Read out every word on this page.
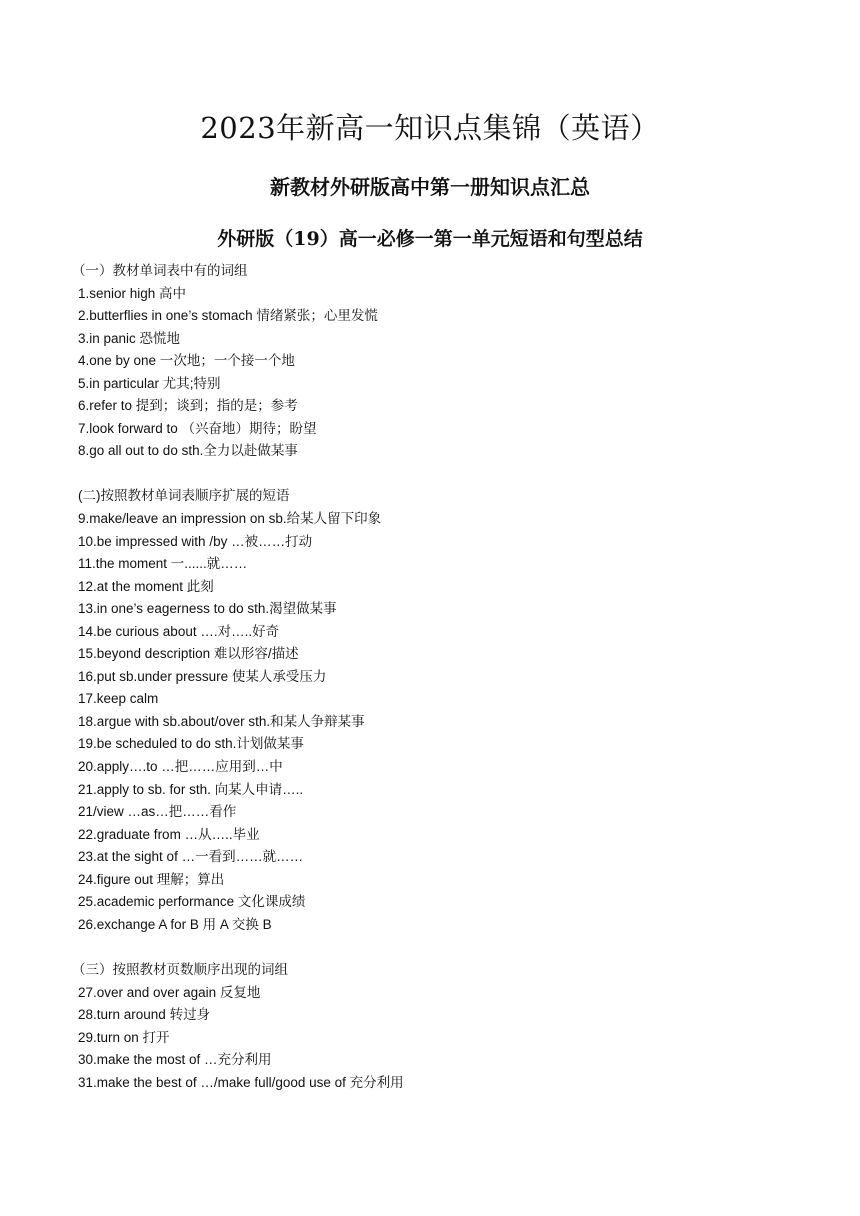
2023年新高一知识点集锦（英语）
新教材外研版高中第一册知识点汇总
外研版（19）高一必修一第一单元短语和句型总结
（一）教材单词表中有的词组
1.senior high 高中
2.butterflies in one’s stomach 情绪紧张；心里发慌
3.in panic 恐慌地
4.one by one 一次地；一个接一个地
5.in particular 尤其;特别
6.refer to 提到；谈到；指的是；参考
7.look forward to （兴奋地）期待；盼望
8.go all out to do sth.全力以赴做某事
(二)按照教材单词表顺序扩展的短语
9.make/leave an impression on sb.给某人留下印象
10.be impressed with /by …被……打动
11.the moment 一......就……
12.at the moment 此刻
13.in one’s eagerness to do sth.渴望做某事
14.be curious about ….对…..好奇
15.beyond description 难以形容/描述
16.put sb.under pressure 使某人承受压力
17.keep calm
18.argue with sb.about/over sth.和某人争辩某事
19.be scheduled to do sth.计划做某事
20.apply….to …把……应用到…中
21.apply to sb. for sth. 向某人申请…..
21/view …as…把……看作
22.graduate from …从…..毕业
23.at the sight of …一看到……就……
24.figure out 理解；算出
25.academic performance 文化课成绩
26.exchange A for B 用 A 交换 B
（三）按照教材页数顺序出现的词组
27.over and over again 反复地
28.turn around 转过身
29.turn on 打开
30.make the most of …充分利用
31.make the best of …/make full/good use of 充分利用
